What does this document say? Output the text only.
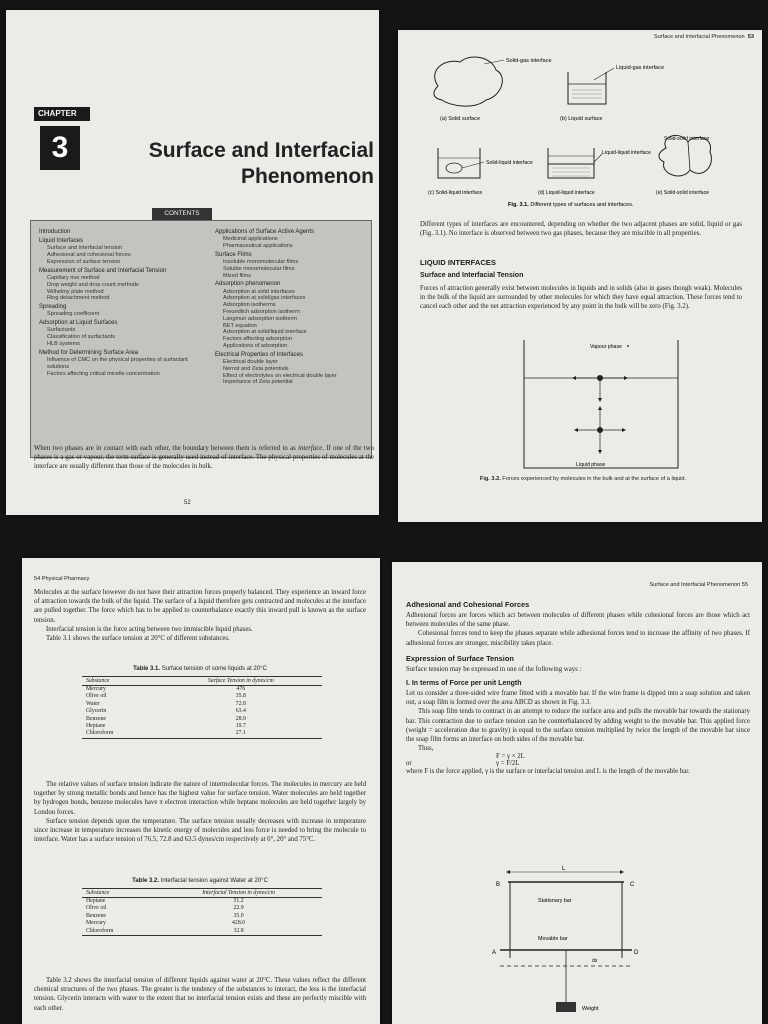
CHAPTER
3	Surface and Interfacial
Phenomenon
CONTENTS
Introduction
Liquid Interfaces
Surface and interfacial tension
Adhesional and cohesional forces
Expression of surface tension
Measurement of Surface and Interfacial Tension
Capillary rise method
Drop weight and drop count methods
Wilhelmy plate method
Ring detachment method
Spreading
Spreading coefficient
Adsorption at Liquid Surfaces
Surfactants
Classification of surfactants
HLB systems
Method for Determining Surface Area
Influence of CMC on the physical properties of surfactant solutions
Factors affecting critical micelle concentration
Applications of Surface Active Agents
Medicinal applications
Pharmaceutical applications
Surface Films
Insoluble monomolecular films
Soluble monomolecular films
Mixed films
Adsorption phenomenon
Adsorption at solid interfaces
Adsorption at solid/gas interfaces
Adsorption isotherms
Freundlich adsorption isotherm
Langmuir adsorption isotherm
BET equation
Adsorption at solid/liquid interface
Factors affecting adsorption
Applications of adsorption
Electrical Properties of Interfaces
Electrical double layer
Nernst and Zeta potentials
Effect of electrolytes on electrical double layer
Importance of Zeta potential
When two phases are in contact with each other, the boundary between them is referred to as interface. If one of the two phases is a gas or vapour, the term surface is generally used instead of interface. The physical properties of molecules at the interface are usually different than those of the molecules in bulk.
52
Surface and Interfacial Phenomenon 53
Solid-gas interface
(a) Solid surface
Liquid-gas interface
(b) Liquid surface
Solid-solid interface
Solid-liquid interface
(c) Solid-liquid interface
Liquid-liquid interface
(d) Liquid-liquid interface	(e) Solid-solid interface
Fig. 3.1. Different types of surfaces and interfaces.
Different types of interfaces are encountered, depending on whether the two adjacent phases are solid, liquid or gas (Fig. 3.1). No interface is observed between two gas phases, because they are miscible in all properties.
LIQUID INTERFACES
Surface and Interfacial Tension
Forces of attraction generally exist between molecules in liquids and in solids (also in gases though weak). Molecules in the bulk of the liquid are surrounded by other molecules for which they have equal attraction. These forces tend to cancel each other and the net attraction experienced by any point in the bulk will be zero (Fig. 3.2).
Vapour phase
Liquid phase
Fig. 3.2. Forces experienced by molecules in the bulk and at the surface of a liquid.
54 Physical Pharmacy
Molecules at the surface however do not have their attraction forces properly balanced. They experience an inward force of attraction towards the bulk of the liquid. The surface of a liquid therefore gets contracted and molecules at the interface are pulled together. The force which has to be applied to counterbalance exactly this inward pull is known as the surface tension.
Interfacial tension is the force acting between two immiscible liquid phases.
Table 3.1 shows the surface tension at 20°C of different substances.
Table 3.1. Surface tension of some liquids at 20°C
Substance	Surface Tension in dynes/cm
Mercury	476
Olive oil	35.8
Water	72.8
Glycerin	63.4
Benzene	28.9
Heptane	19.7
Chloroform	27.1
The relative values of surface tension indicate the nature of intermolecular forces. The molecules in mercury are held together by strong metallic bonds and hence has the highest value for surface tension. Water molecules are held together by hydrogen bonds, benzene molecules have π electron interaction while heptane molecules are held together largely by London forces.
Surface tension depends upon the temperature. The surface tension usually decreases with increase in temperature since increase in temperature increases the kinetic energy of molecules and less force is needed to bring the molecule to interface. Water has a surface tension of 76.5, 72.8 and 63.5 dynes/cm respectively at 0°, 20° and 75°C.
Table 3.2. Interfacial tension against Water at 20°C
Substance	Interfacial Tension in dynes/cm
Heptane	51.2
Olive oil	22.9
Benzene	35.0
Mercury	428.0
Chloroform	32.8
Table 3.2 shows the interfacial tension of different liquids against water at 20°C. These values reflect the different chemical structures of the two phases. The greater is the tendency of the substances to interact, the less is the interfacial tension. Glycerin interacts with water to the extent that no interfacial tension exists and these are perfectly miscible with each other.
Surface and Interfacial Phenomenon 55
Adhesional and Cohesional Forces
Adhesional forces are forces which act between molecules of different phases while cohesional forces are those which act between molecules of the same phase.
Cohesional forces tend to keep the phases separate while adhesional forces tend to increase the affinity of two phases. If adhesional forces are stronger, miscibility takes place.
Expression of Surface Tension
Surface tension may be expressed in one of the following ways :
I. In terms of Force per unit Length
Let us consider a three-sided wire frame fitted with a movable bar. If the wire frame is dipped into a soap solution and taken out, a soap film is formed over the area ABCD as shown in Fig. 3.3.
This soap film tends to contract in an attempt to reduce the surface area and pulls the movable bar towards the stationary bar. This contraction due to surface tension can be counterbalanced by adding weight to the movable bar. This applied force (weight = acceleration due to gravity) is equal to the surface tension multiplied by twice the length of the movable bar since the soap film forms an interface on both sides of the movable bar.
Thus,
F = γ × 2L
or	γ = F/2L
where F is the force applied, γ is the surface or interfacial tension and L is the length of the movable bar.
L
B	C
Stationary bar
Movable bar
A	D
ds
Weight
